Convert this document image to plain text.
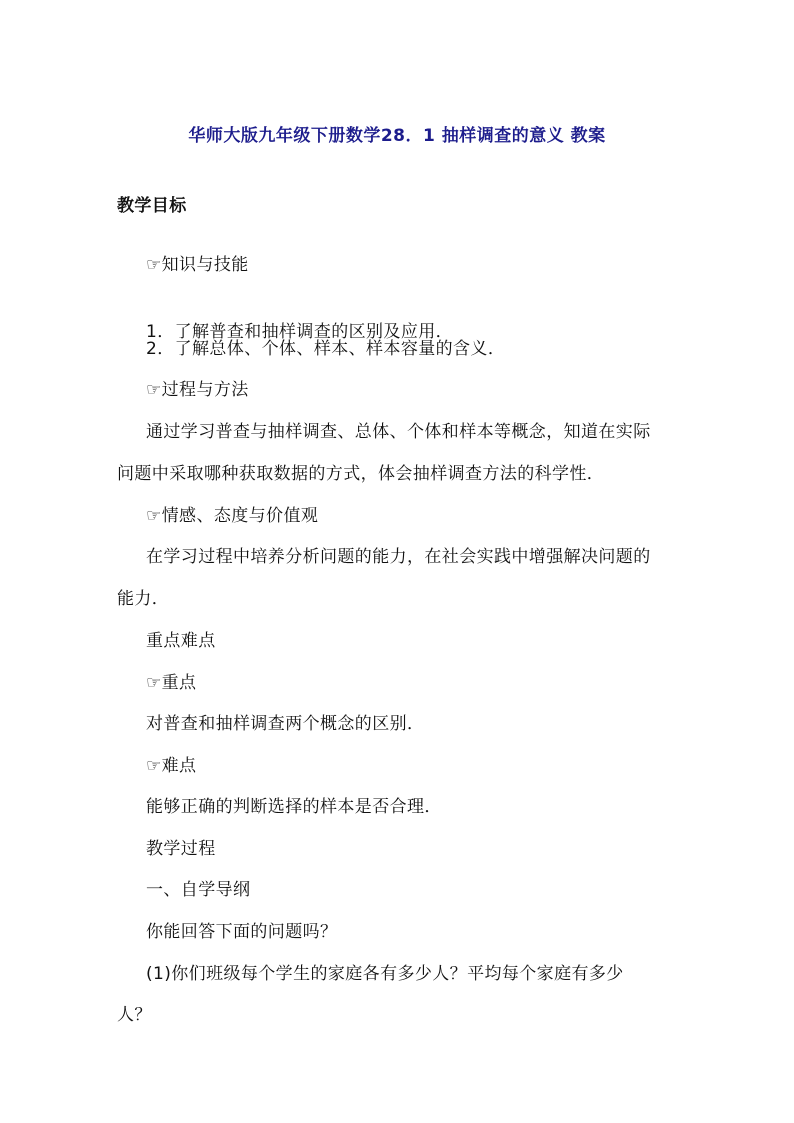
华师大版九年级下册数学28．1 抽样调查的意义 教案
教学目标
☞知识与技能
1．了解普查和抽样调查的区别及应用．
2．了解总体、个体、样本、样本容量的含义．
☞过程与方法
通过学习普查与抽样调查、总体、个体和样本等概念，知道在实际
问题中采取哪种获取数据的方式，体会抽样调查方法的科学性．
☞情感、态度与价值观
在学习过程中培养分析问题的能力，在社会实践中增强解决问题的
能力．
重点难点
☞重点
对普查和抽样调查两个概念的区别．
☞难点
能够正确的判断选择的样本是否合理．
教学过程
一、自学导纲
你能回答下面的问题吗？
(1)你们班级每个学生的家庭各有多少人？平均每个家庭有多少
人？
